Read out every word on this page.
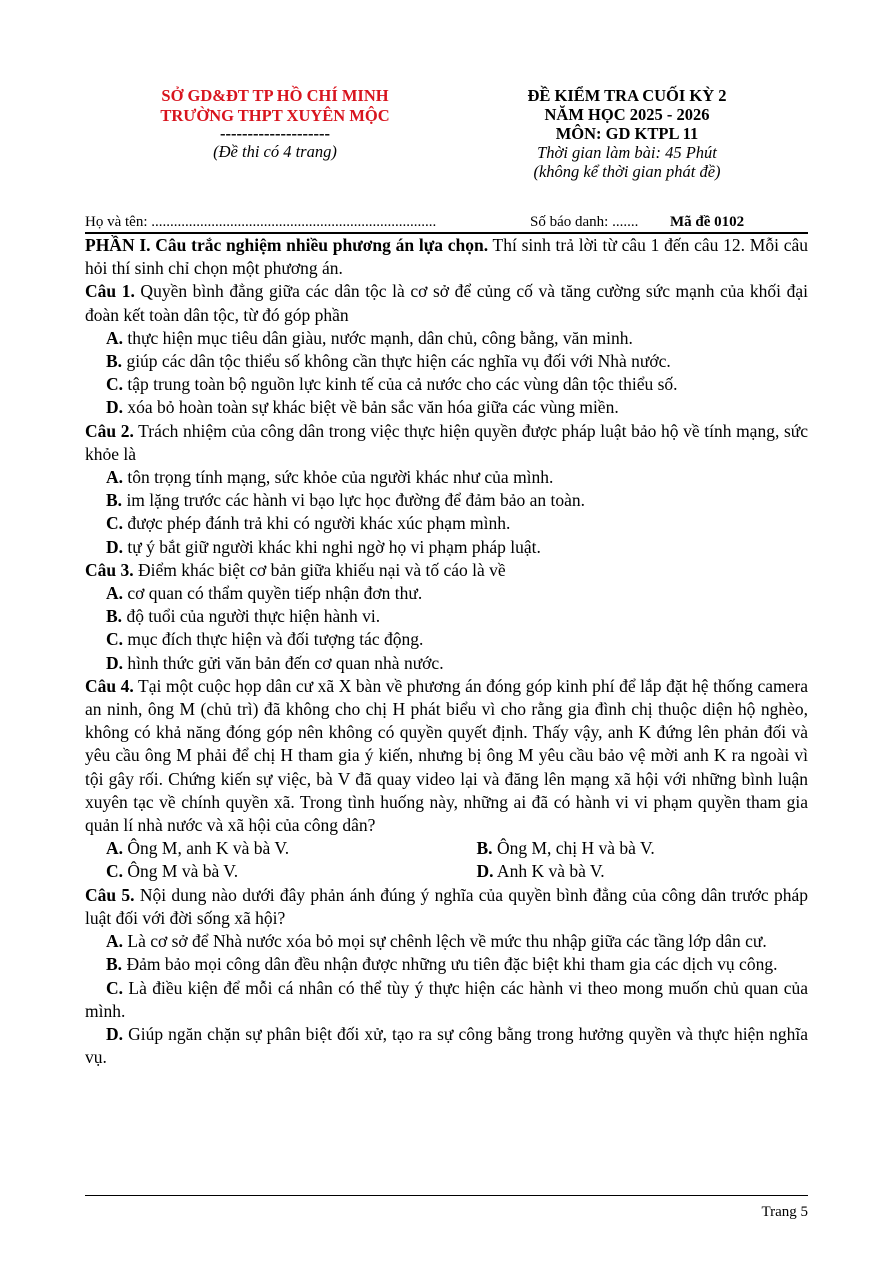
SỞ GD&ĐT TP HỒ CHÍ MINH
TRƯỜNG THPT XUYÊN MỘC
--------------------
(Đề thi có 4 trang)
ĐỀ KIỂM TRA CUỐI KỲ 2
NĂM HỌC 2025 - 2026
MÔN: GD KTPL 11
Thời gian làm bài: 45 Phút
(không kể thời gian phát đề)
Họ và tên: ............................................................................	Số báo danh: ....... Mã đề 0102

PHẦN I. Câu trắc nghiệm nhiều phương án lựa chọn. Thí sinh trả lời từ câu 1 đến câu 12. Mỗi câu hỏi thí sinh chỉ chọn một phương án.

Câu 1. Quyền bình đẳng giữa các dân tộc là cơ sở để củng cố và tăng cường sức mạnh của khối đại đoàn kết toàn dân tộc, từ đó góp phần

A. thực hiện mục tiêu dân giàu, nước mạnh, dân chủ, công bằng, văn minh.

B. giúp các dân tộc thiểu số không cần thực hiện các nghĩa vụ đối với Nhà nước.

C. tập trung toàn bộ nguồn lực kinh tế của cả nước cho các vùng dân tộc thiểu số.

D. xóa bỏ hoàn toàn sự khác biệt về bản sắc văn hóa giữa các vùng miền.

Câu 2. Trách nhiệm của công dân trong việc thực hiện quyền được pháp luật bảo hộ về tính mạng, sức khỏe là

A. tôn trọng tính mạng, sức khỏe của người khác như của mình.

B. im lặng trước các hành vi bạo lực học đường để đảm bảo an toàn.

C. được phép đánh trả khi có người khác xúc phạm mình.

D. tự ý bắt giữ người khác khi nghi ngờ họ vi phạm pháp luật.

Câu 3. Điểm khác biệt cơ bản giữa khiếu nại và tố cáo là về

A. cơ quan có thẩm quyền tiếp nhận đơn thư.

B. độ tuổi của người thực hiện hành vi.

C. mục đích thực hiện và đối tượng tác động.

D. hình thức gửi văn bản đến cơ quan nhà nước.

Câu 4. Tại một cuộc họp dân cư xã X bàn về phương án đóng góp kinh phí để lắp đặt hệ thống camera an ninh, ông M (chủ trì) đã không cho chị H phát biểu vì cho rằng gia đình chị thuộc diện hộ nghèo, không có khả năng đóng góp nên không có quyền quyết định. Thấy vậy, anh K đứng lên phản đối và yêu cầu ông M phải để chị H tham gia ý kiến, nhưng bị ông M yêu cầu bảo vệ mời anh K ra ngoài vì tội gây rối. Chứng kiến sự việc, bà V đã quay video lại và đăng lên mạng xã hội với những bình luận xuyên tạc về chính quyền xã. Trong tình huống này, những ai đã có hành vi vi phạm quyền tham gia quản lí nhà nước và xã hội của công dân?

A. Ông M, anh K và bà V.	B. Ông M, chị H và bà V.
C. Ông M và bà V.	D. Anh K và bà V.

Câu 5. Nội dung nào dưới đây phản ánh đúng ý nghĩa của quyền bình đẳng của công dân trước pháp luật đối với đời sống xã hội?

A. Là cơ sở để Nhà nước xóa bỏ mọi sự chênh lệch về mức thu nhập giữa các tầng lớp dân cư.

B. Đảm bảo mọi công dân đều nhận được những ưu tiên đặc biệt khi tham gia các dịch vụ công.

C. Là điều kiện để mỗi cá nhân có thể tùy ý thực hiện các hành vi theo mong muốn chủ quan của mình.

D. Giúp ngăn chặn sự phân biệt đối xử, tạo ra sự công bằng trong hưởng quyền và thực hiện nghĩa vụ.

Trang 5
